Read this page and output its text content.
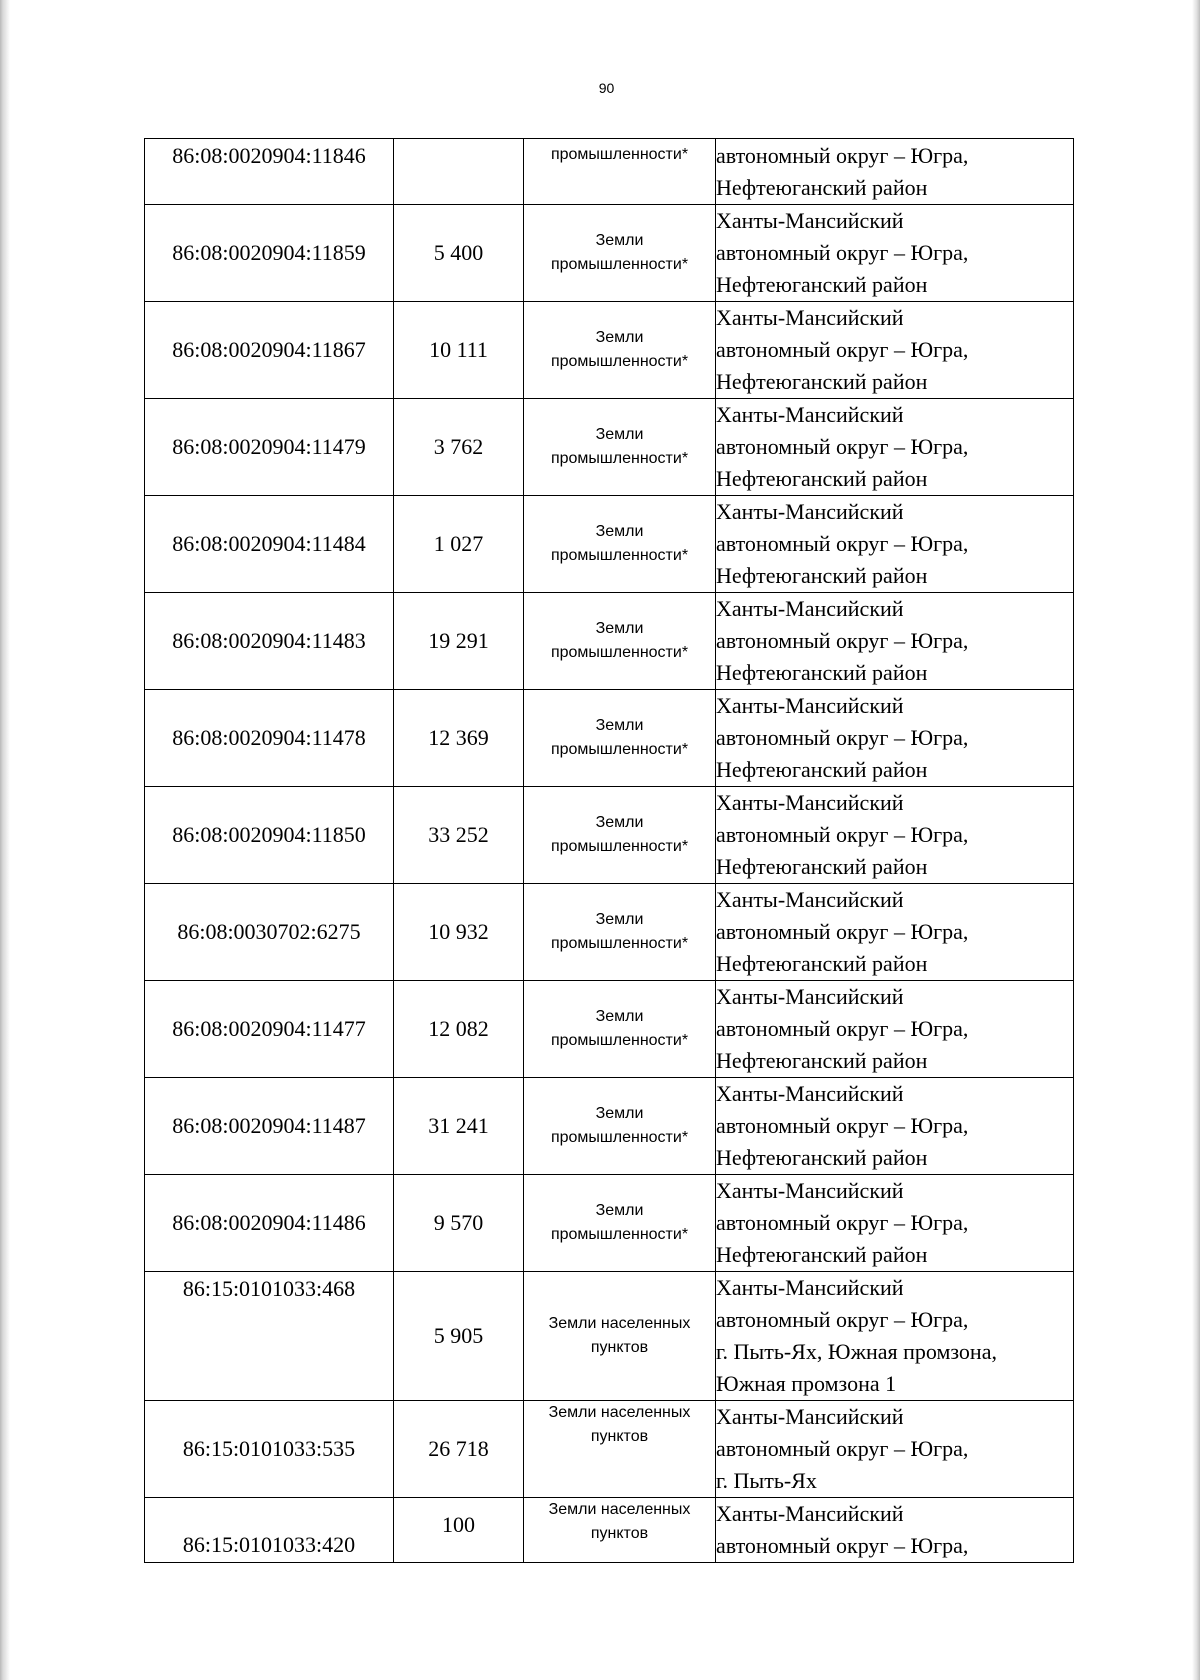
90
86:08:0020904:11846		промышленности*	автономный округ – Югра,
Нефтеюганский район

86:08:0020904:11859	5 400	Земли
промышленности*	Ханты-Мансийский
автономный округ – Югра,
Нефтеюганский район

86:08:0020904:11867	10 111	Земли
промышленности*	Ханты-Мансийский
автономный округ – Югра,
Нефтеюганский район

86:08:0020904:11479	3 762	Земли
промышленности*	Ханты-Мансийский
автономный округ – Югра,
Нефтеюганский район

86:08:0020904:11484	1 027	Земли
промышленности*	Ханты-Мансийский
автономный округ – Югра,
Нефтеюганский район

86:08:0020904:11483	19 291	Земли
промышленности*	Ханты-Мансийский
автономный округ – Югра,
Нефтеюганский район

86:08:0020904:11478	12 369	Земли
промышленности*	Ханты-Мансийский
автономный округ – Югра,
Нефтеюганский район

86:08:0020904:11850	33 252	Земли
промышленности*	Ханты-Мансийский
автономный округ – Югра,
Нефтеюганский район

86:08:0030702:6275	10 932	Земли
промышленности*	Ханты-Мансийский
автономный округ – Югра,
Нефтеюганский район

86:08:0020904:11477	12 082	Земли
промышленности*	Ханты-Мансийский
автономный округ – Югра,
Нефтеюганский район

86:08:0020904:11487	31 241	Земли
промышленности*	Ханты-Мансийский
автономный округ – Югра,
Нефтеюганский район

86:08:0020904:11486	9 570	Земли
промышленности*	Ханты-Мансийский
автономный округ – Югра,
Нефтеюганский район

86:15:0101033:468	5 905	Земли населенных
пунктов	Ханты-Мансийский
автономный округ – Югра,
г. Пыть-Ях, Южная промзона,
Южная промзона 1

86:15:0101033:535	26 718	Земли населенных
пунктов	Ханты-Мансийский
автономный округ – Югра,
г. Пыть-Ях

86:15:0101033:420	100	Земли населенных
пунктов	Ханты-Мансийский
автономный округ – Югра,
